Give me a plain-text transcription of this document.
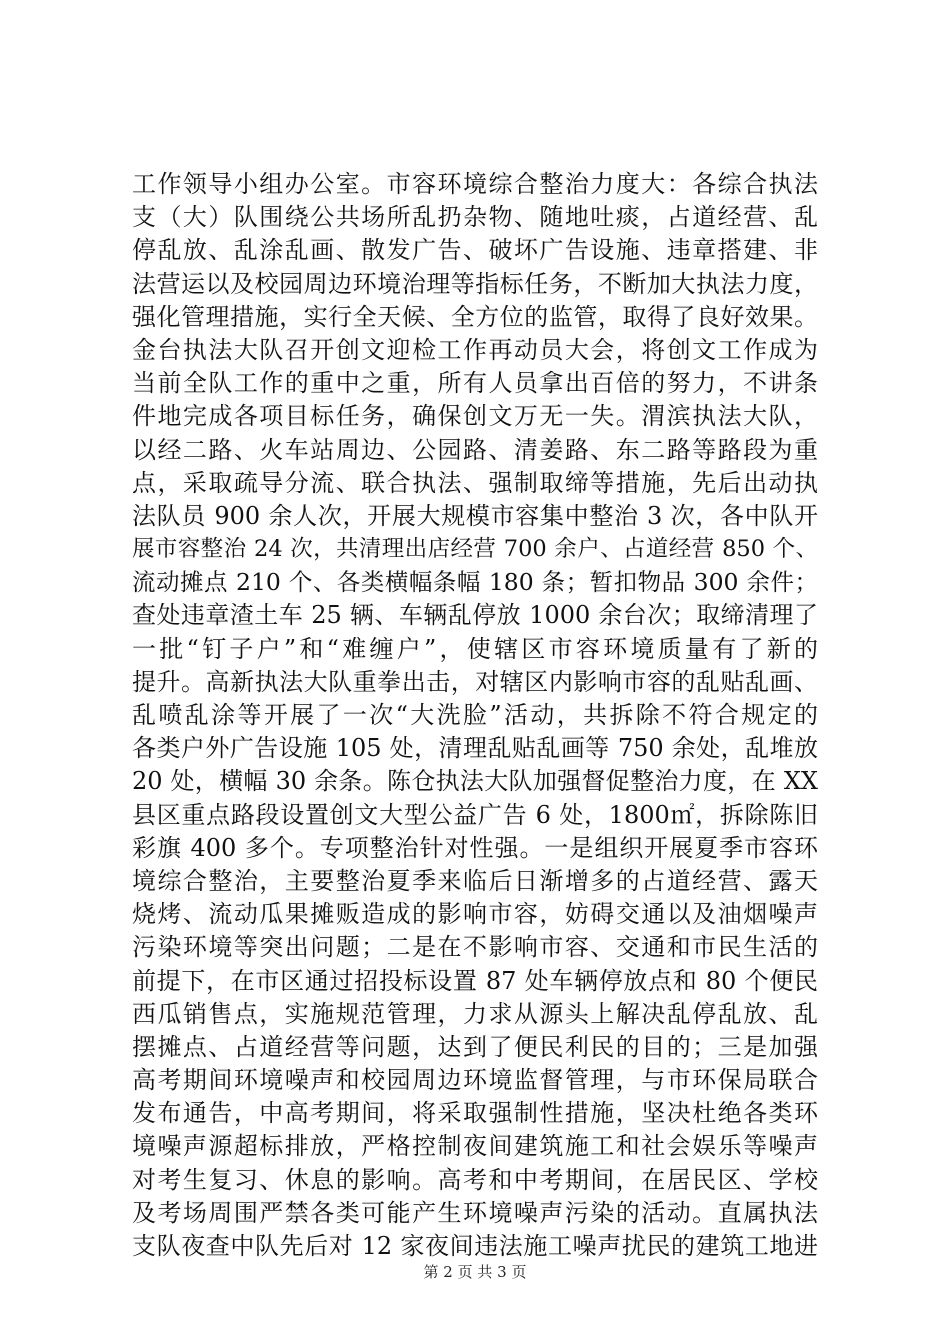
工作领导小组办公室。市容环境综合整治力度大：各综合执法
支（大）队围绕公共场所乱扔杂物、随地吐痰，占道经营、乱
停乱放、乱涂乱画、散发广告、破坏广告设施、违章搭建、非
法营运以及校园周边环境治理等指标任务，不断加大执法力度，
强化管理措施，实行全天候、全方位的监管，取得了良好效果。
金台执法大队召开创文迎检工作再动员大会，将创文工作成为
当前全队工作的重中之重，所有人员拿出百倍的努力，不讲条
件地完成各项目标任务，确保创文万无一失。渭滨执法大队，
以经二路、火车站周边、公园路、清姜路、东二路等路段为重
点，采取疏导分流、联合执法、强制取缔等措施，先后出动执
法队员 900 余人次，开展大规模市容集中整治 3 次，各中队开
展市容整治 24 次，共清理出店经营 700 余户、占道经营 850 个、
流动摊点 210 个、各类横幅条幅 180 条；暂扣物品 300 余件；
查处违章渣土车 25 辆、车辆乱停放 1000 余台次；取缔清理了
一批“钉子户”和“难缠户”，使辖区市容环境质量有了新的
提升。高新执法大队重拳出击，对辖区内影响市容的乱贴乱画、
乱喷乱涂等开展了一次“大洗脸”活动，共拆除不符合规定的
各类户外广告设施 105 处，清理乱贴乱画等 750 余处，乱堆放
20 处，横幅 30 余条。陈仓执法大队加强督促整治力度，在 XX
县区重点路段设置创文大型公益广告 6 处，1800㎡，拆除陈旧
彩旗 400 多个。专项整治针对性强。一是组织开展夏季市容环
境综合整治，主要整治夏季来临后日渐增多的占道经营、露天
烧烤、流动瓜果摊贩造成的影响市容，妨碍交通以及油烟噪声
污染环境等突出问题；二是在不影响市容、交通和市民生活的
前提下，在市区通过招投标设置 87 处车辆停放点和 80 个便民
西瓜销售点，实施规范管理，力求从源头上解决乱停乱放、乱
摆摊点、占道经营等问题，达到了便民利民的目的；三是加强
高考期间环境噪声和校园周边环境监督管理，与市环保局联合
发布通告，中高考期间，将采取强制性措施，坚决杜绝各类环
境噪声源超标排放，严格控制夜间建筑施工和社会娱乐等噪声
对考生复习、休息的影响。高考和中考期间，在居民区、学校
及考场周围严禁各类可能产生环境噪声污染的活动。直属执法
支队夜查中队先后对 12 家夜间违法施工噪声扰民的建筑工地进
第 2 页 共 3 页
